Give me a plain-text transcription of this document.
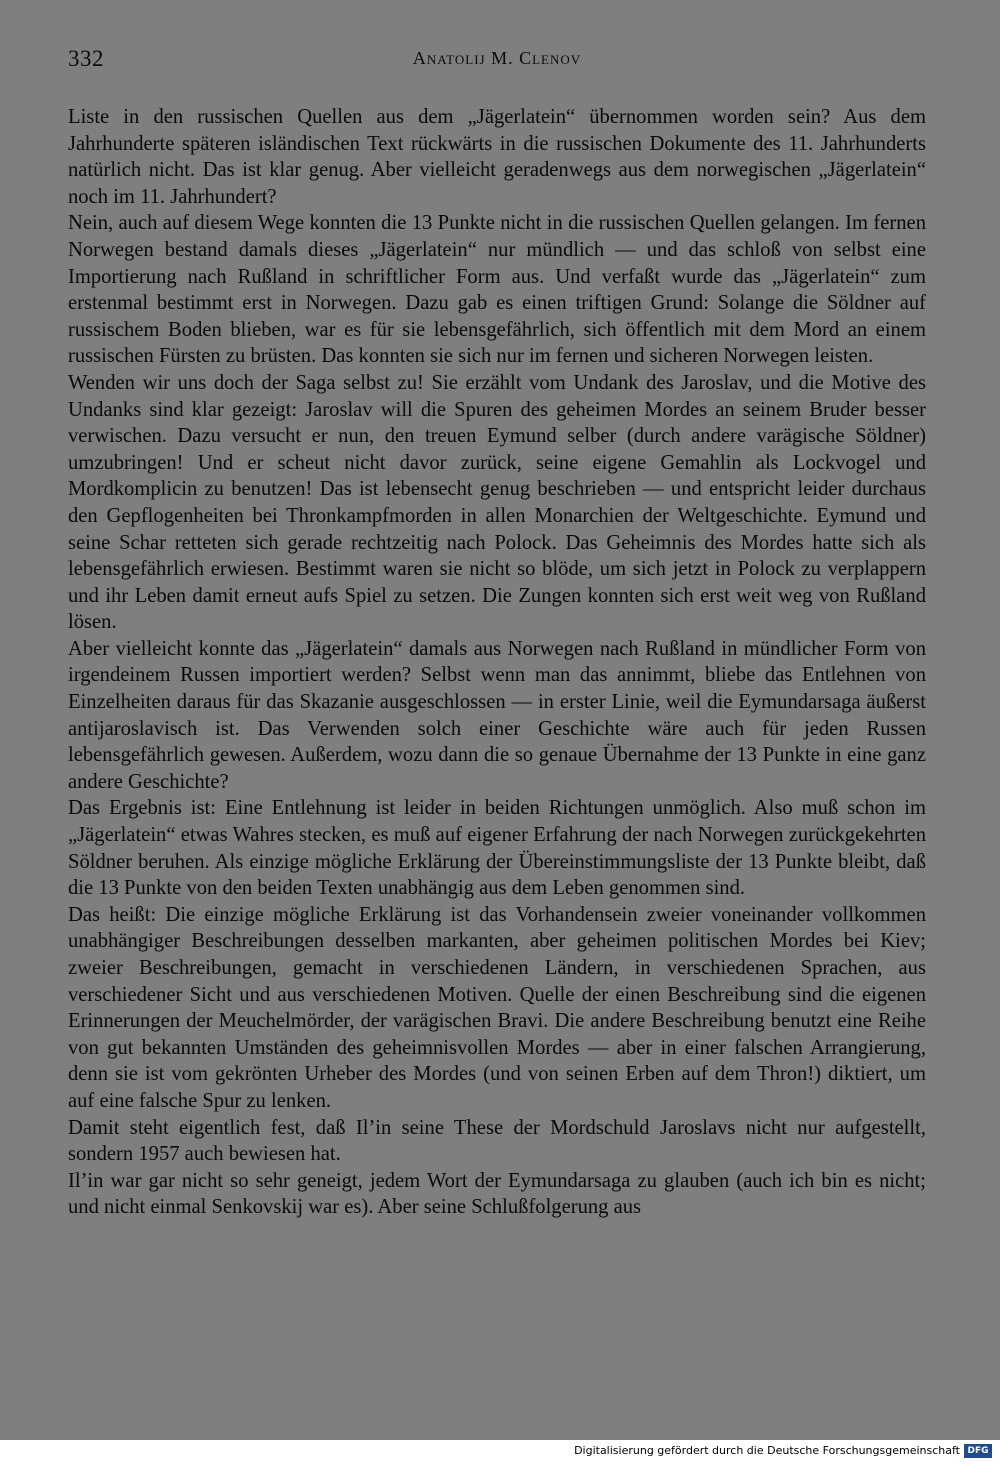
332	Anatolij M. Clenov

Liste in den russischen Quellen aus dem „Jägerlatein“ übernommen worden sein? Aus dem Jahrhunderte späteren isländischen Text rückwärts in die russischen Dokumente des 11. Jahrhunderts natürlich nicht. Das ist klar genug. Aber vielleicht geradenwegs aus dem norwegischen „Jägerlatein“ noch im 11. Jahrhundert?

Nein, auch auf diesem Wege konnten die 13 Punkte nicht in die russischen Quellen gelangen. Im fernen Norwegen bestand damals dieses „Jägerlatein“ nur mündlich — und das schloß von selbst eine Importierung nach Rußland in schriftlicher Form aus. Und verfaßt wurde das „Jägerlatein“ zum erstenmal bestimmt erst in Norwegen. Dazu gab es einen triftigen Grund: Solange die Söldner auf russischem Boden blieben, war es für sie lebensgefährlich, sich öffentlich mit dem Mord an einem russischen Fürsten zu brüsten. Das konnten sie sich nur im fernen und sicheren Norwegen leisten.

Wenden wir uns doch der Saga selbst zu! Sie erzählt vom Undank des Jaroslav, und die Motive des Undanks sind klar gezeigt: Jaroslav will die Spuren des geheimen Mordes an seinem Bruder besser verwischen. Dazu versucht er nun, den treuen Eymund selber (durch andere varägische Söldner) umzubringen! Und er scheut nicht davor zurück, seine eigene Gemahlin als Lockvogel und Mordkomplicin zu benutzen! Das ist lebensecht genug beschrieben — und entspricht leider durchaus den Gepflogenheiten bei Thronkampfmorden in allen Monarchien der Weltgeschichte. Eymund und seine Schar retteten sich gerade rechtzeitig nach Polock. Das Geheimnis des Mordes hatte sich als lebensgefährlich erwiesen. Bestimmt waren sie nicht so blöde, um sich jetzt in Polock zu verplappern und ihr Leben damit erneut aufs Spiel zu setzen. Die Zungen konnten sich erst weit weg von Rußland lösen.

Aber vielleicht konnte das „Jägerlatein“ damals aus Norwegen nach Rußland in mündlicher Form von irgendeinem Russen importiert werden? Selbst wenn man das annimmt, bliebe das Entlehnen von Einzelheiten daraus für das Skazanie ausgeschlossen — in erster Linie, weil die Eymundarsaga äußerst antijaroslavisch ist. Das Verwenden solch einer Geschichte wäre auch für jeden Russen lebensgefährlich gewesen. Außerdem, wozu dann die so genaue Übernahme der 13 Punkte in eine ganz andere Geschichte?

Das Ergebnis ist: Eine Entlehnung ist leider in beiden Richtungen unmöglich. Also muß schon im „Jägerlatein“ etwas Wahres stecken, es muß auf eigener Erfahrung der nach Norwegen zurückgekehrten Söldner beruhen. Als einzige mögliche Erklärung der Übereinstimmungsliste der 13 Punkte bleibt, daß die 13 Punkte von den beiden Texten unabhängig aus dem Leben genommen sind.

Das heißt: Die einzige mögliche Erklärung ist das Vorhandensein zweier voneinander vollkommen unabhängiger Beschreibungen desselben markanten, aber geheimen politischen Mordes bei Kiev; zweier Beschreibungen, gemacht in verschiedenen Ländern, in verschiedenen Sprachen, aus verschiedener Sicht und aus verschiedenen Motiven. Quelle der einen Beschreibung sind die eigenen Erinnerungen der Meuchelmörder, der varägischen Bravi. Die andere Beschreibung benutzt eine Reihe von gut bekannten Umständen des geheimnisvollen Mordes — aber in einer falschen Arrangierung, denn sie ist vom gekrönten Urheber des Mordes (und von seinen Erben auf dem Thron!) diktiert, um auf eine falsche Spur zu lenken.

Damit steht eigentlich fest, daß Il’in seine These der Mordschuld Jaroslavs nicht nur aufgestellt, sondern 1957 auch bewiesen hat.

Il’in war gar nicht so sehr geneigt, jedem Wort der Eymundarsaga zu glauben (auch ich bin es nicht; und nicht einmal Senkovskij war es). Aber seine Schlußfolgerung aus

Digitalisierung gefördert durch die Deutsche Forschungsgemeinschaft DFG
